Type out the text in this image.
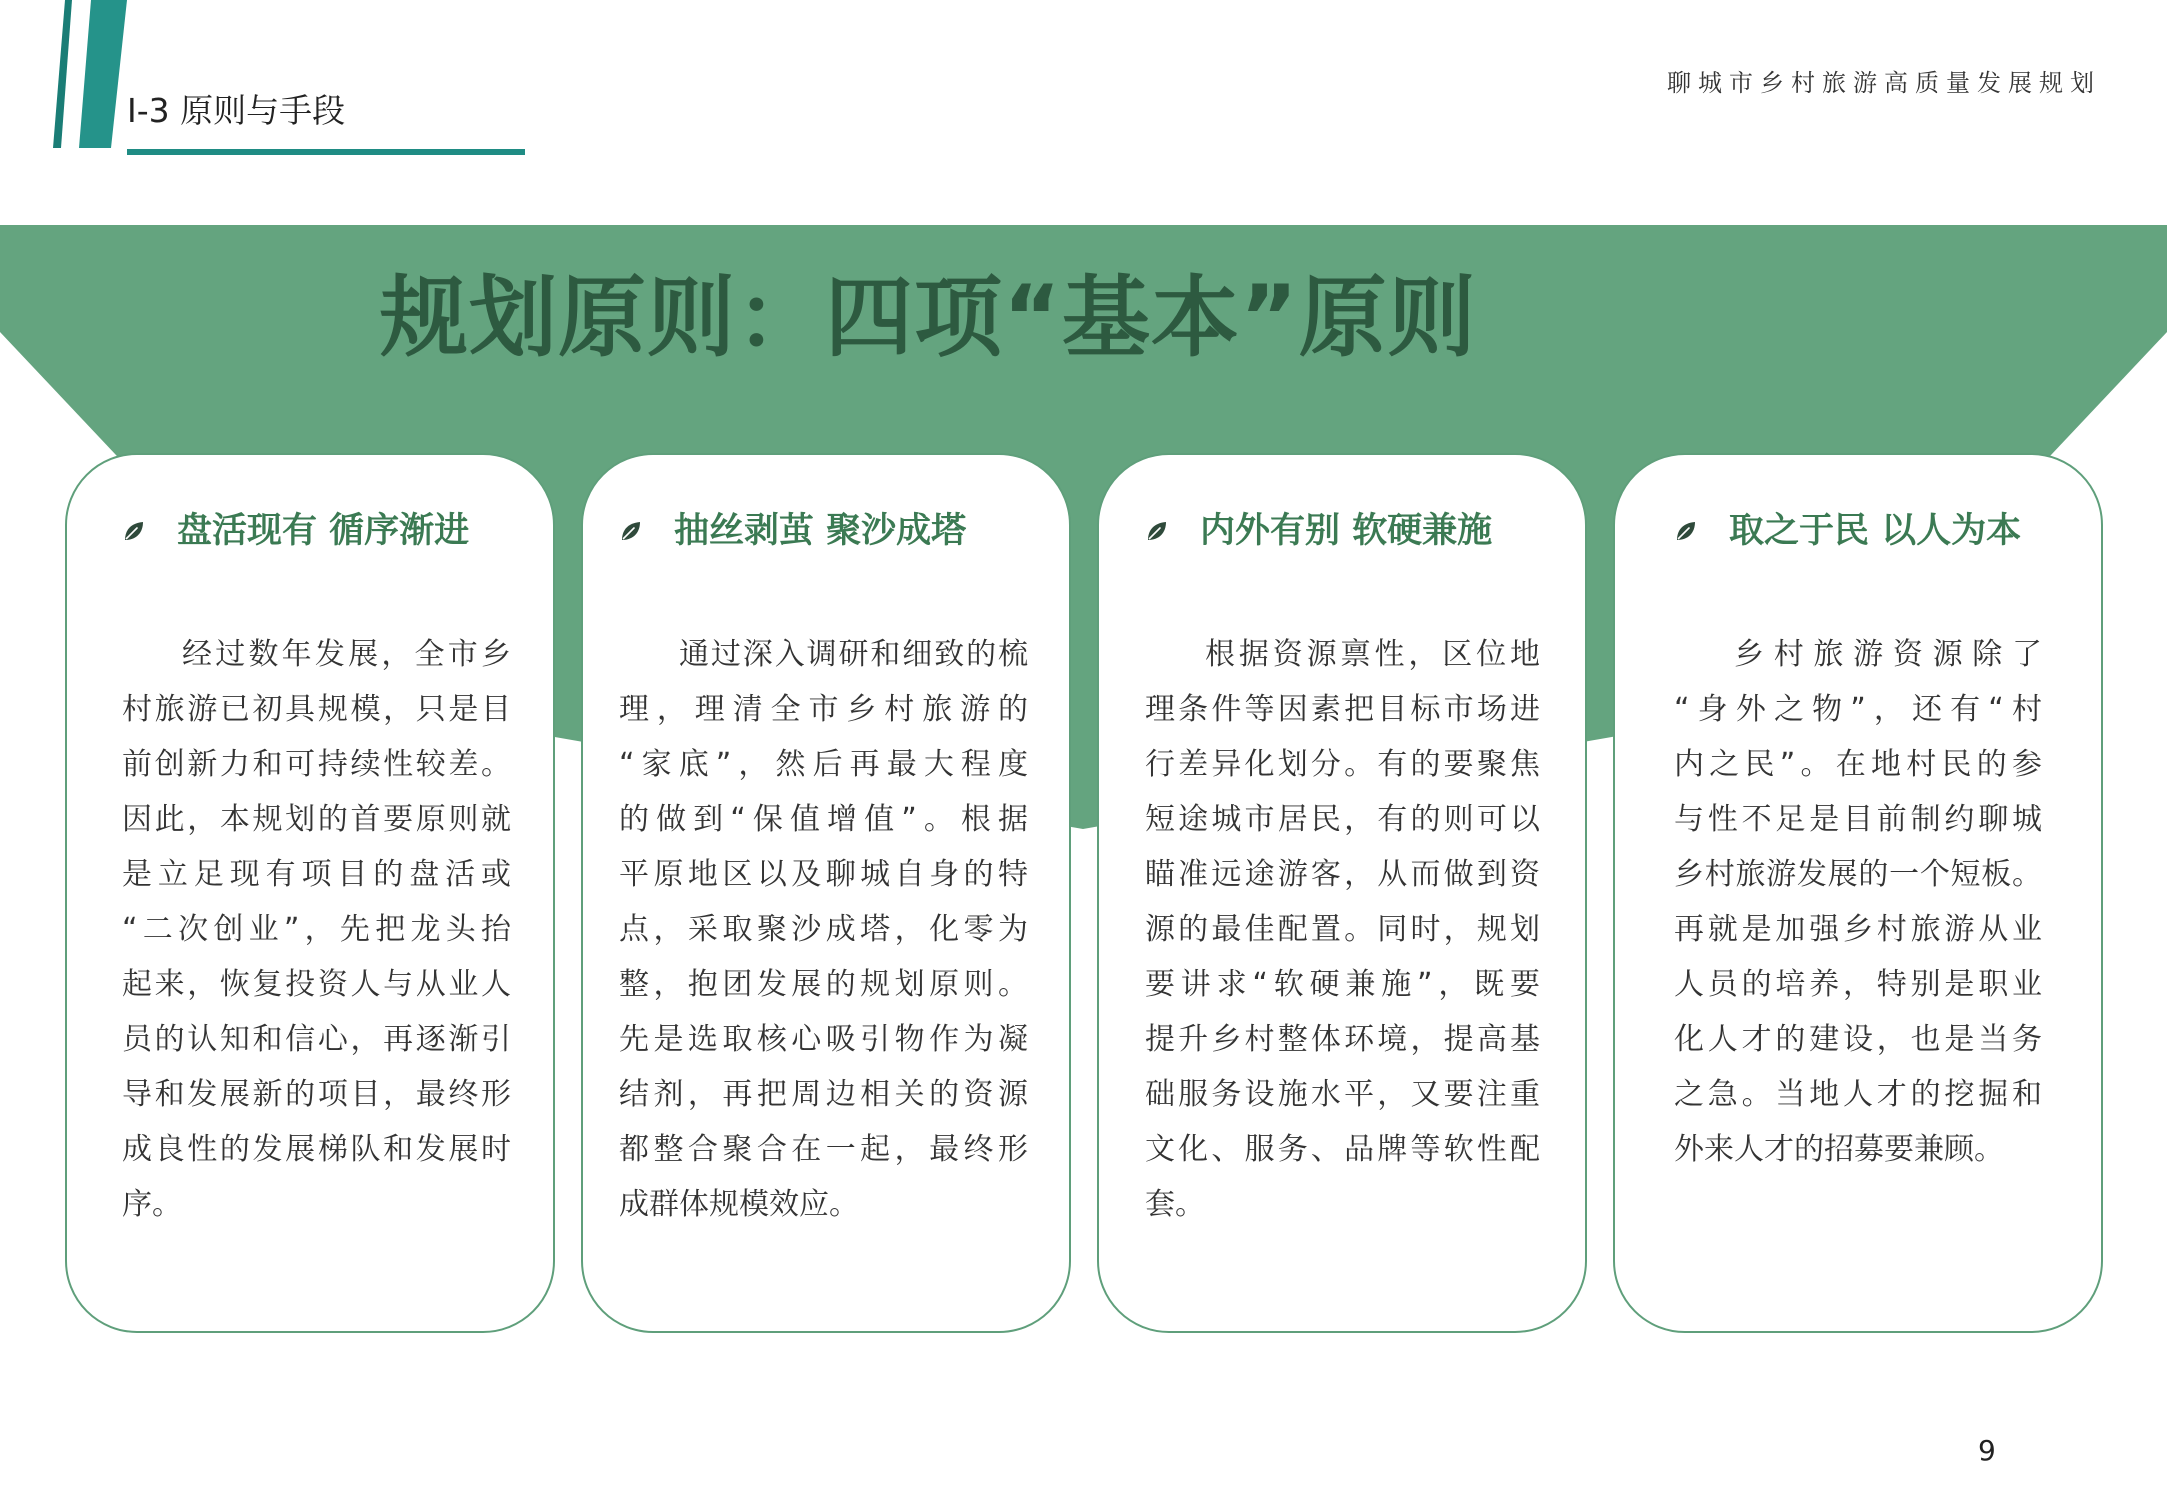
Ⅰ-3 原则与手段
聊城市乡村旅游高质量发展规划
规划原则：四项“基本”原则
盘活现有 循序渐进
经过数年发展，全市乡
村旅游已初具规模，只是目
前创新力和可持续性较差。
因此，本规划的首要原则就
是立足现有项目的盘活或
“二次创业”，先把龙头抬
起来，恢复投资人与从业人
员的认知和信心，再逐渐引
导和发展新的项目，最终形
成良性的发展梯队和发展时
序。
抽丝剥茧 聚沙成塔
通过深入调研和细致的梳
理，理清全市乡村旅游的
“家底”，然后再最大程度
的做到“保值增值”。根据
平原地区以及聊城自身的特
点，采取聚沙成塔，化零为
整，抱团发展的规划原则。
先是选取核心吸引物作为凝
结剂，再把周边相关的资源
都整合聚合在一起，最终形
成群体规模效应。
内外有别 软硬兼施
根据资源禀性，区位地
理条件等因素把目标市场进
行差异化划分。有的要聚焦
短途城市居民，有的则可以
瞄准远途游客，从而做到资
源的最佳配置。同时，规划
要讲求“软硬兼施”，既要
提升乡村整体环境，提高基
础服务设施水平，又要注重
文化、服务、品牌等软性配
套。
取之于民 以人为本
乡村旅游资源除了
“身外之物”，还有“村
内之民”。在地村民的参
与性不足是目前制约聊城
乡村旅游发展的一个短板。
再就是加强乡村旅游从业
人员的培养，特别是职业
化人才的建设，也是当务
之急。当地人才的挖掘和
外来人才的招募要兼顾。
9
